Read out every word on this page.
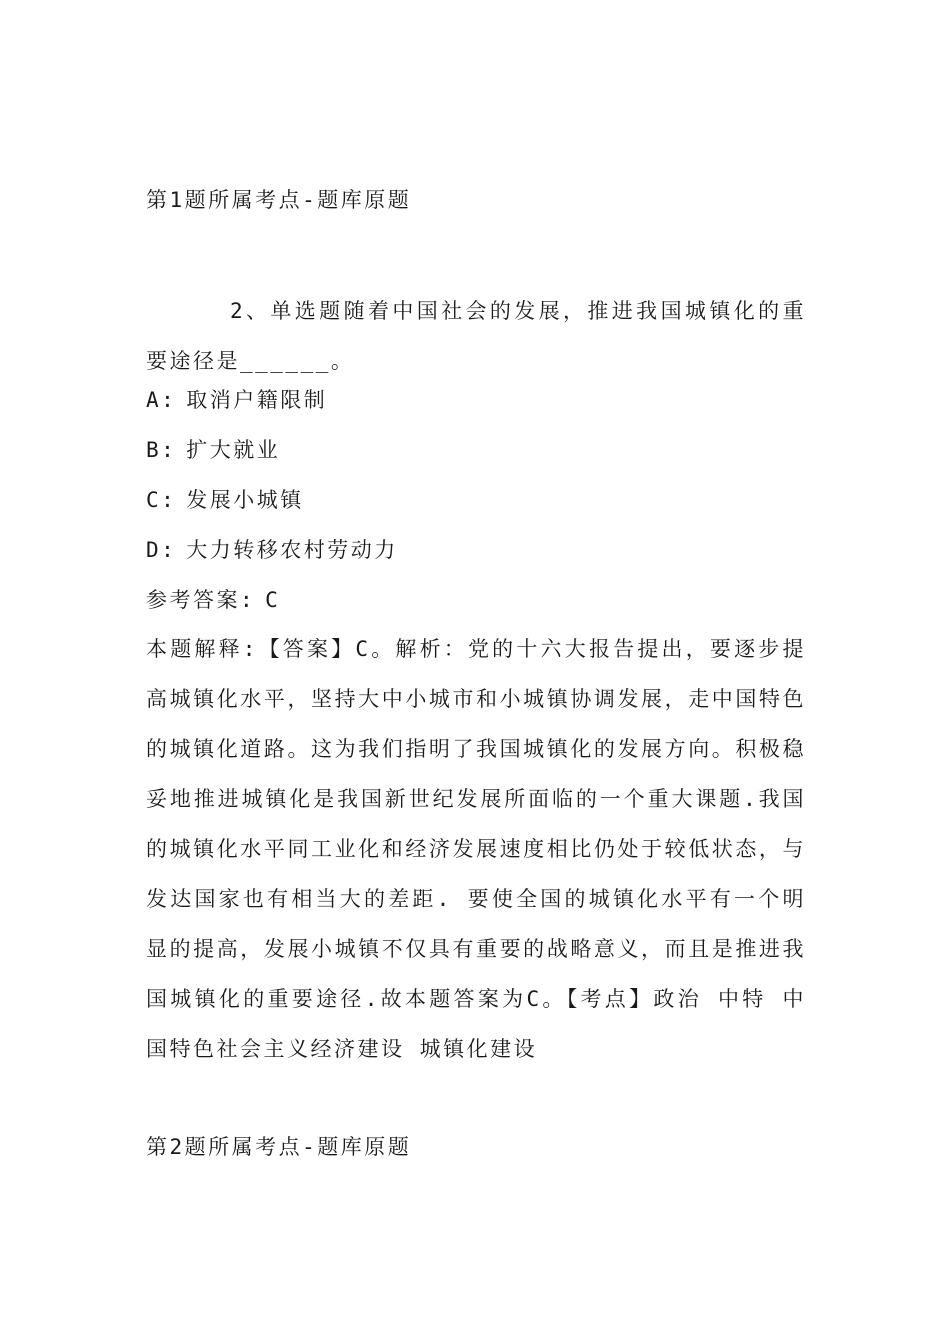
第1题所属考点-题库原题
2、单选题随着中国社会的发展，推进我国城镇化的重要途径是______。
A: 取消户籍限制
B: 扩大就业
C: 发展小城镇
D: 大力转移农村劳动力
参考答案: C
本题解释:【答案】C。解析：党的十六大报告提出，要逐步提高城镇化水平，坚持大中小城市和小城镇协调发展，走中国特色的城镇化道路。这为我们指明了我国城镇化的发展方向。积极稳妥地推进城镇化是我国新世纪发展所面临的一个重大课题.我国的城镇化水平同工业化和经济发展速度相比仍处于较低状态，与发达国家也有相当大的差距. 要使全国的城镇化水平有一个明显的提高，发展小城镇不仅具有重要的战略意义，而且是推进我国城镇化的重要途径.故本题答案为C。【考点】政治 中特 中国特色社会主义经济建设 城镇化建设
第2题所属考点-题库原题
